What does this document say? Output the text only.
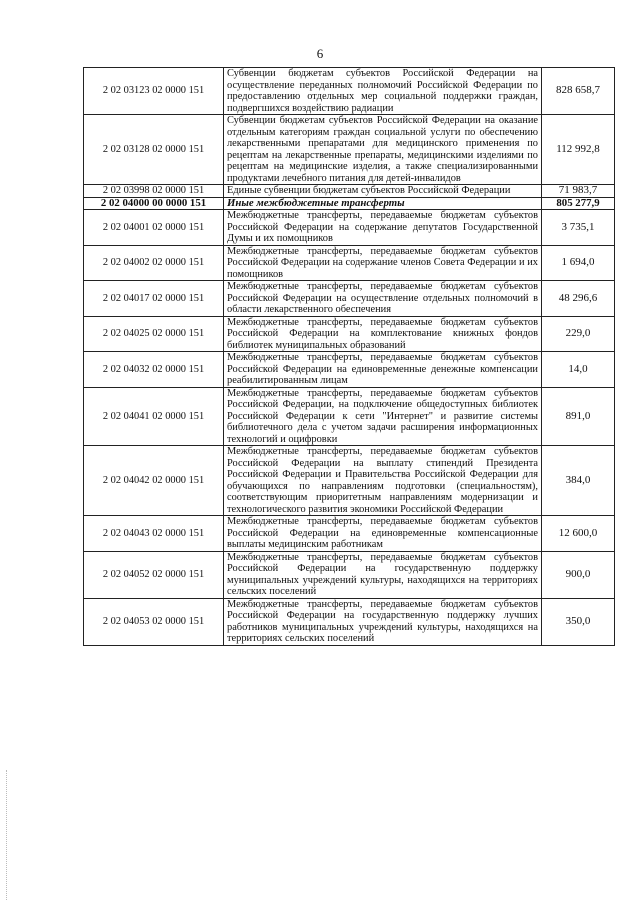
6
2 02 03123 02 0000 151	Субвенции бюджетам субъектов Российской Федерации на осуществление переданных полномочий Российской Федерации по предоставлению отдельных мер социальной поддержки граждан, подвергшихся воздействию радиации	828 658,7
2 02 03128 02 0000 151	Субвенции бюджетам субъектов Российской Федерации на оказание отдельным категориям граждан социальной услуги по обеспечению лекарственными препаратами для медицинского применения по рецептам на лекарственные препараты, медицинскими изделиями по рецептам на медицинские изделия, а также специализированными продуктами лечебного питания для детей-инвалидов	112 992,8
2 02 03998 02 0000 151	Единые субвенции бюджетам субъектов Российской Федерации	71 983,7
2 02 04000 00 0000 151	Иные межбюджетные трансферты	805 277,9
2 02 04001 02 0000 151	Межбюджетные трансферты, передаваемые бюджетам субъектов Российской Федерации на содержание депутатов Государственной Думы и их помощников	3 735,1
2 02 04002 02 0000 151	Межбюджетные трансферты, передаваемые бюджетам субъектов Российской Федерации на содержание членов Совета Федерации и их помощников	1 694,0
2 02 04017 02 0000 151	Межбюджетные трансферты, передаваемые бюджетам субъектов Российской Федерации на осуществление отдельных полномочий в области лекарственного обеспечения	48 296,6
2 02 04025 02 0000 151	Межбюджетные трансферты, передаваемые бюджетам субъектов Российской Федерации на комплектование книжных фондов библиотек муниципальных образований	229,0
2 02 04032 02 0000 151	Межбюджетные трансферты, передаваемые бюджетам субъектов Российской Федерации на единовременные денежные компенсации реабилитированным лицам	14,0
2 02 04041 02 0000 151	Межбюджетные трансферты, передаваемые бюджетам субъектов Российской Федерации, на подключение общедоступных библиотек Российской Федерации к сети "Интернет" и развитие системы библиотечного дела с учетом задачи расширения информационных технологий и оцифровки	891,0
2 02 04042 02 0000 151	Межбюджетные трансферты, передаваемые бюджетам субъектов Российской Федерации на выплату стипендий Президента Российской Федерации и Правительства Российской Федерации для обучающихся по направлениям подготовки (специальностям), соответствующим приоритетным направлениям модернизации и технологического развития экономики Российской Федерации	384,0
2 02 04043 02 0000 151	Межбюджетные трансферты, передаваемые бюджетам субъектов Российской Федерации на единовременные компенсационные выплаты медицинским работникам	12 600,0
2 02 04052 02 0000 151	Межбюджетные трансферты, передаваемые бюджетам субъектов Российской Федерации на государственную поддержку муниципальных учреждений культуры, находящихся на территориях сельских поселений	900,0
2 02 04053 02 0000 151	Межбюджетные трансферты, передаваемые бюджетам субъектов Российской Федерации на государственную поддержку лучших работников муниципальных учреждений культуры, находящихся на территориях сельских поселений	350,0
